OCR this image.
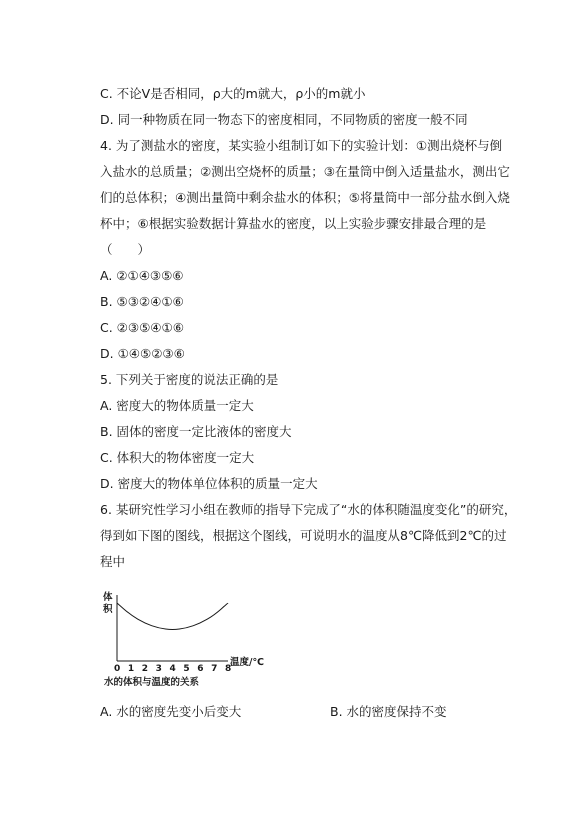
C. 不论V是否相同，ρ大的m就大，ρ小的m就小
D. 同一种物质在同一物态下的密度相同，不同物质的密度一般不同
4. 为了测盐水的密度，某实验小组制订如下的实验计划：①测出烧杯与倒
入盐水的总质量；②测出空烧杯的质量；③在量筒中倒入适量盐水，测出它
们的总体积；④测出量筒中剩余盐水的体积；⑤将量筒中一部分盐水倒入烧
杯中；⑥根据实验数据计算盐水的密度，以上实验步骤安排最合理的是
（　　）
A. ②①④③⑤⑥
B. ⑤③②④①⑥
C. ②③⑤④①⑥
D. ①④⑤②③⑥
5. 下列关于密度的说法正确的是
A. 密度大的物体质量一定大
B. 固体的密度一定比液体的密度大
C. 体积大的物体密度一定大
D. 密度大的物体单位体积的质量一定大
6. 某研究性学习小组在教师的指导下完成了“水的体积随温度变化”的研究，
得到如下图的图线，根据这个图线，可说明水的温度从8℃降低到2℃的过
程中
体
积
0 1 2 3 4 5 6 7 8
温度/℃
水的体积与温度的关系
A. 水的密度先变小后变大	B. 水的密度保持不变
